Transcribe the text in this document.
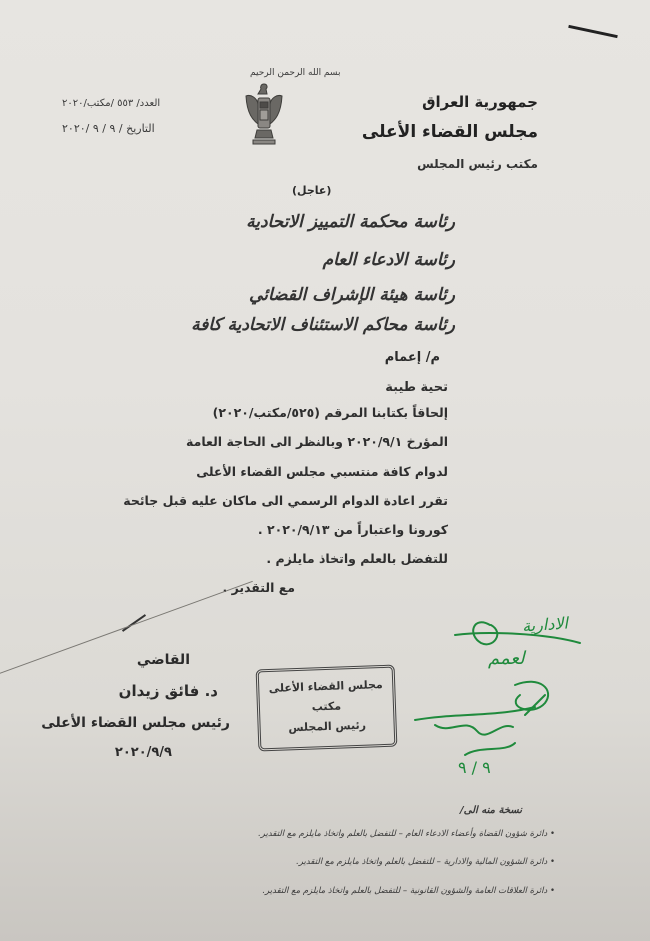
بسم الله الرحمن الرحيم
جمهورية العراق
مجلس القضاء الأعلى
مكتب رئيس المجلس
العدد/ ٥٥٣ /مكتب/٢٠٢٠
التاريخ / ٩ / ٩ /٢٠٢٠
(عاجل)
رئاسة محكمة التمييز الاتحادية
رئاسة الادعاء العام
رئاسة هيئة الإشراف القضائي
رئاسة محاكم الاستئناف الاتحادية كافة
م/ إعمام
تحية طيبة
إلحاقاً بكتابنا المرقم (٥٢٥/مكتب/٢٠٢٠)
المؤرخ ٢٠٢٠/٩/١ وبالنظر الى الحاجة العامة
لدوام كافة منتسبي مجلس القضاء الأعلى
تقرر اعادة الدوام الرسمي الى ماكان عليه قبل جائحة
كورونا واعتباراً من ٢٠٢٠/٩/١٣ .
للتفضل بالعلم واتخاذ مايلزم .
مع التقدير .
القاضي
د. فائق زيدان
رئيس مجلس القضاء الأعلى
٢٠٢٠/٩/٩
مجلس القضاء الأعلى
مكتب
رئيس المجلس
الادارية
لعمم
٩ / ٩
نسخة منه الى/
• دائرة شؤون القضاة وأعضاء الادعاء العام – للتفضل بالعلم واتخاذ مايلزم مع التقدير.
• دائرة الشؤون المالية والادارية – للتفضل بالعلم واتخاذ مايلزم مع التقدير.
• دائرة العلاقات العامة والشؤون القانونية – للتفضل بالعلم واتخاذ مايلزم مع التقدير.
